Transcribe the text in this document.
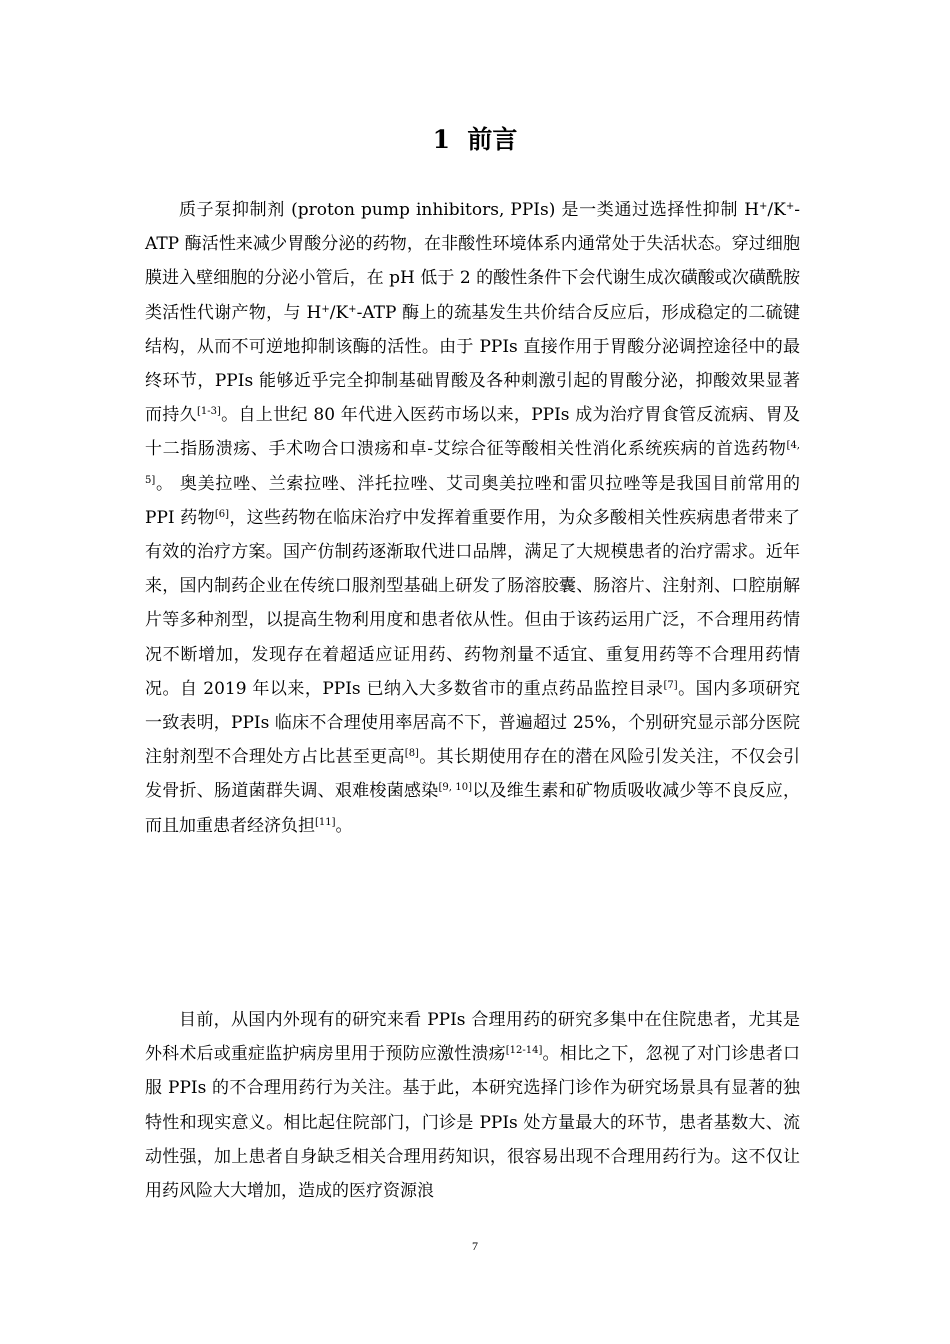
1 前言

质子泵抑制剂 (proton pump inhibitors, PPIs) 是一类通过选择性抑制 H+/K+-ATP 酶活性来减少胃酸分泌的药物，在非酸性环境体系内通常处于失活状态。穿过细胞膜进入壁细胞的分泌小管后，在 pH 低于 2 的酸性条件下会代谢生成次磺酸或次磺酰胺类活性代谢产物，与 H+/K+-ATP 酶上的巯基发生共价结合反应后，形成稳定的二硫键结构，从而不可逆地抑制该酶的活性。由于 PPIs 直接作用于胃酸分泌调控途径中的最终环节，PPIs 能够近乎完全抑制基础胃酸及各种刺激引起的胃酸分泌，抑酸效果显著而持久[1-3]。自上世纪 80 年代进入医药市场以来，PPIs 成为治疗胃食管反流病、胃及十二指肠溃疡、手术吻合口溃疡和卓-艾综合征等酸相关性消化系统疾病的首选药物[4, 5]。 奥美拉唑、兰索拉唑、泮托拉唑、艾司奥美拉唑和雷贝拉唑等是我国目前常用的 PPI 药物[6]，这些药物在临床治疗中发挥着重要作用，为众多酸相关性疾病患者带来了有效的治疗方案。国产仿制药逐渐取代进口品牌，满足了大规模患者的治疗需求。近年来，国内制药企业在传统口服剂型基础上研发了肠溶胶囊、肠溶片、注射剂、口腔崩解片等多种剂型，以提高生物利用度和患者依从性。但由于该药运用广泛，不合理用药情况不断增加，发现存在着超适应证用药、药物剂量不适宜、重复用药等不合理用药情况。自 2019 年以来，PPIs 已纳入大多数省市的重点药品监控目录[7]。国内多项研究一致表明，PPIs 临床不合理使用率居高不下，普遍超过 25%，个别研究显示部分医院注射剂型不合理处方占比甚至更高[8]。其长期使用存在的潜在风险引发关注，不仅会引发骨折、肠道菌群失调、艰难梭菌感染[9, 10]以及维生素和矿物质吸收减少等不良反应，而且加重患者经济负担[11]。

目前，从国内外现有的研究来看 PPIs 合理用药的研究多集中在住院患者，尤其是外科术后或重症监护病房里用于预防应激性溃疡[12-14]。相比之下，忽视了对门诊患者口服 PPIs 的不合理用药行为关注。基于此，本研究选择门诊作为研究场景具有显著的独特性和现实意义。相比起住院部门，门诊是 PPIs 处方量最大的环节，患者基数大、流动性强，加上患者自身缺乏相关合理用药知识，很容易出现不合理用药行为。这不仅让用药风险大大增加，造成的医疗资源浪

7
